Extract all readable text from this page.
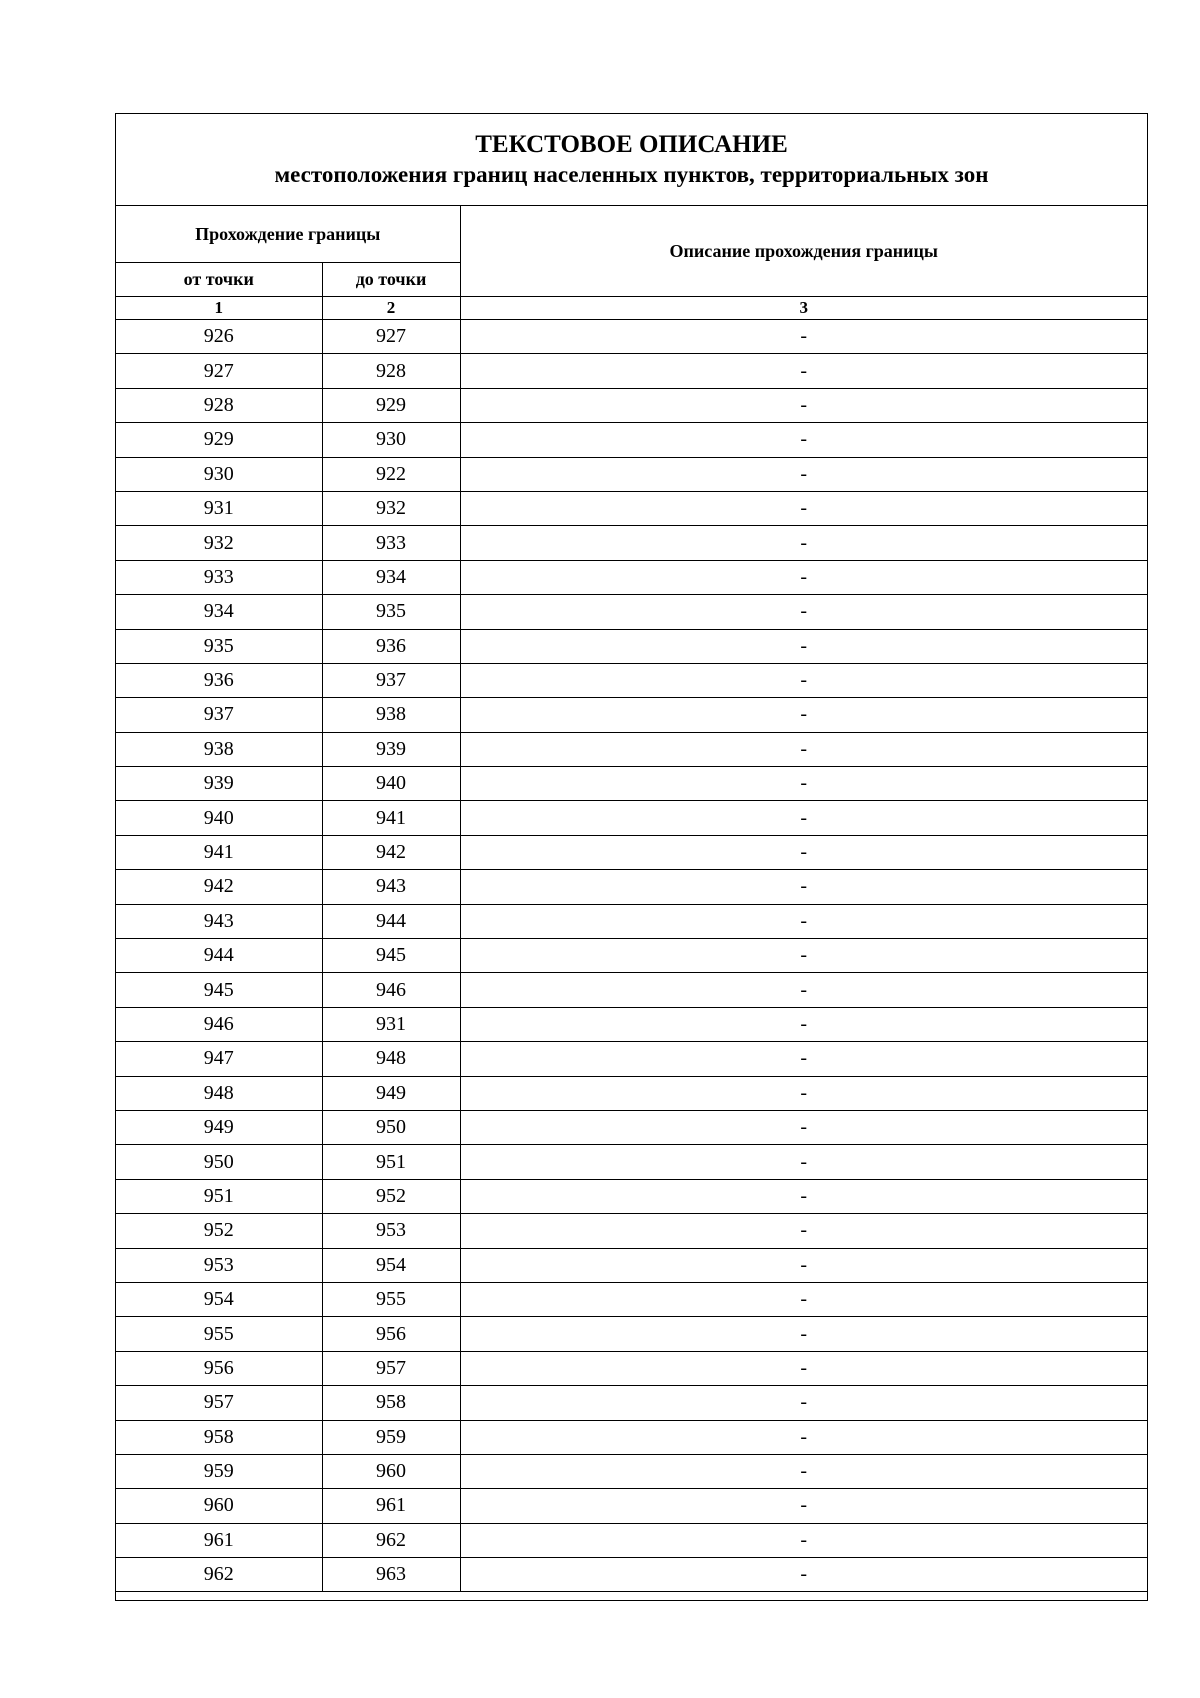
ТЕКСТОВОЕ ОПИСАНИЕ
местоположения границ населенных пунктов, территориальных зон
Прохождение границы		Описание прохождения границы
от точки	до точки	
1	2	3
926	927	-
927	928	-
928	929	-
929	930	-
930	922	-
931	932	-
932	933	-
933	934	-
934	935	-
935	936	-
936	937	-
937	938	-
938	939	-
939	940	-
940	941	-
941	942	-
942	943	-
943	944	-
944	945	-
945	946	-
946	931	-
947	948	-
948	949	-
949	950	-
950	951	-
951	952	-
952	953	-
953	954	-
954	955	-
955	956	-
956	957	-
957	958	-
958	959	-
959	960	-
960	961	-
961	962	-
962	963	-
